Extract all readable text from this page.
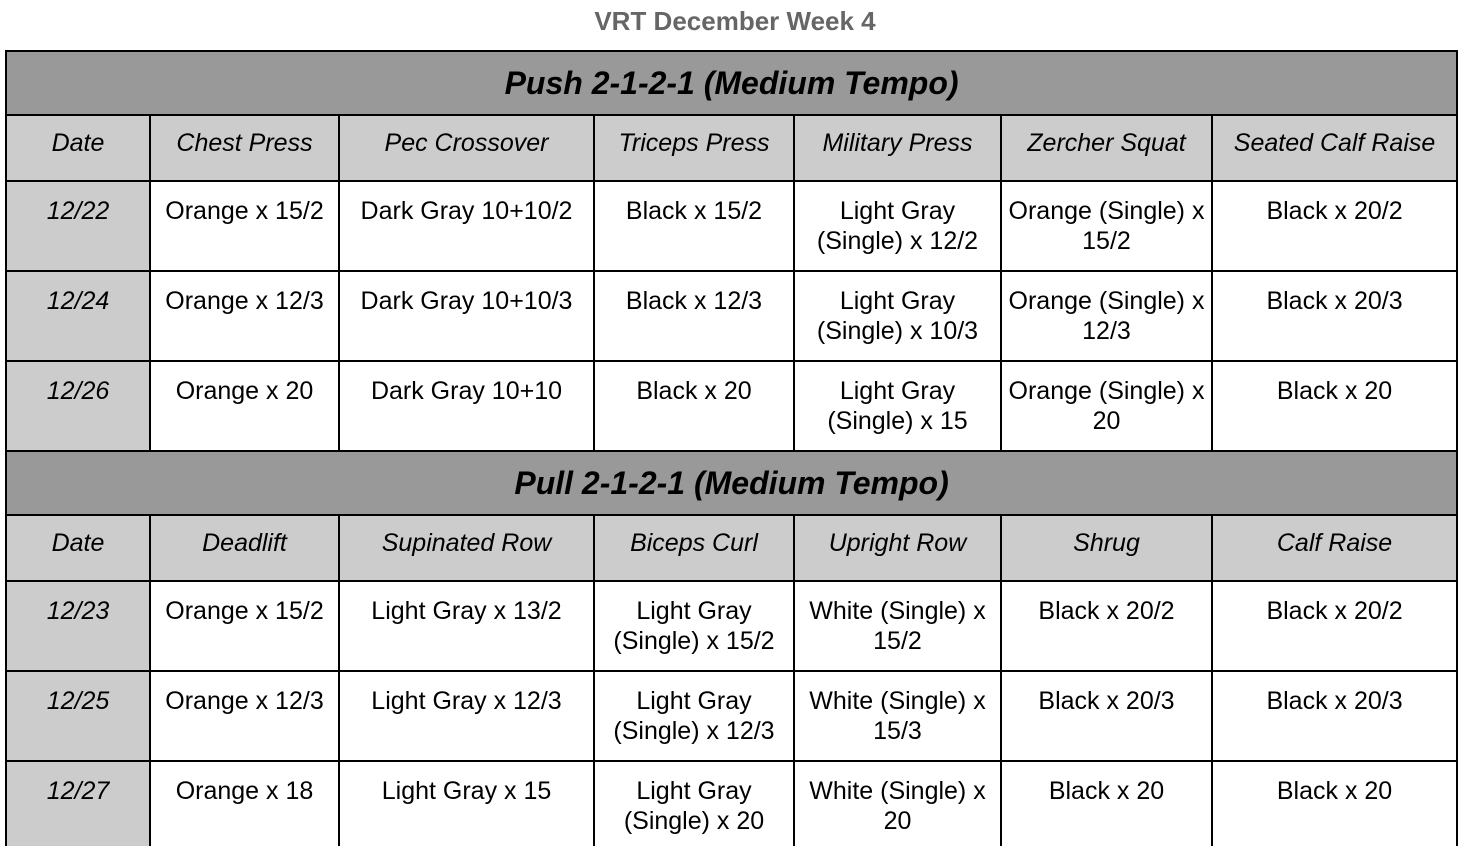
VRT December Week 4
Push 2-1-2-1 (Medium Tempo)						
Date	Chest Press	Pec Crossover	Triceps Press	Military Press	Zercher Squat	Seated Calf Raise
12/22	Orange x 15/2	Dark Gray 10+10/2	Black x 15/2	Light Gray (Single) x 12/2	Orange (Single) x 15/2	Black x 20/2
12/24	Orange x 12/3	Dark Gray 10+10/3	Black x 12/3	Light Gray (Single) x 10/3	Orange (Single) x 12/3	Black x 20/3
12/26	Orange x 20	Dark Gray 10+10	Black x 20	Light Gray (Single) x 15	Orange (Single) x 20	Black x 20
Pull 2-1-2-1 (Medium Tempo)						
Date	Deadlift	Supinated Row	Biceps Curl	Upright Row	Shrug	Calf Raise
12/23	Orange x 15/2	Light Gray x 13/2	Light Gray (Single) x 15/2	White (Single) x 15/2	Black x 20/2	Black x 20/2
12/25	Orange x 12/3	Light Gray x 12/3	Light Gray (Single) x 12/3	White (Single) x 15/3	Black x 20/3	Black x 20/3
12/27	Orange x 18	Light Gray x 15	Light Gray (Single) x 20	White (Single) x 20	Black x 20	Black x 20
